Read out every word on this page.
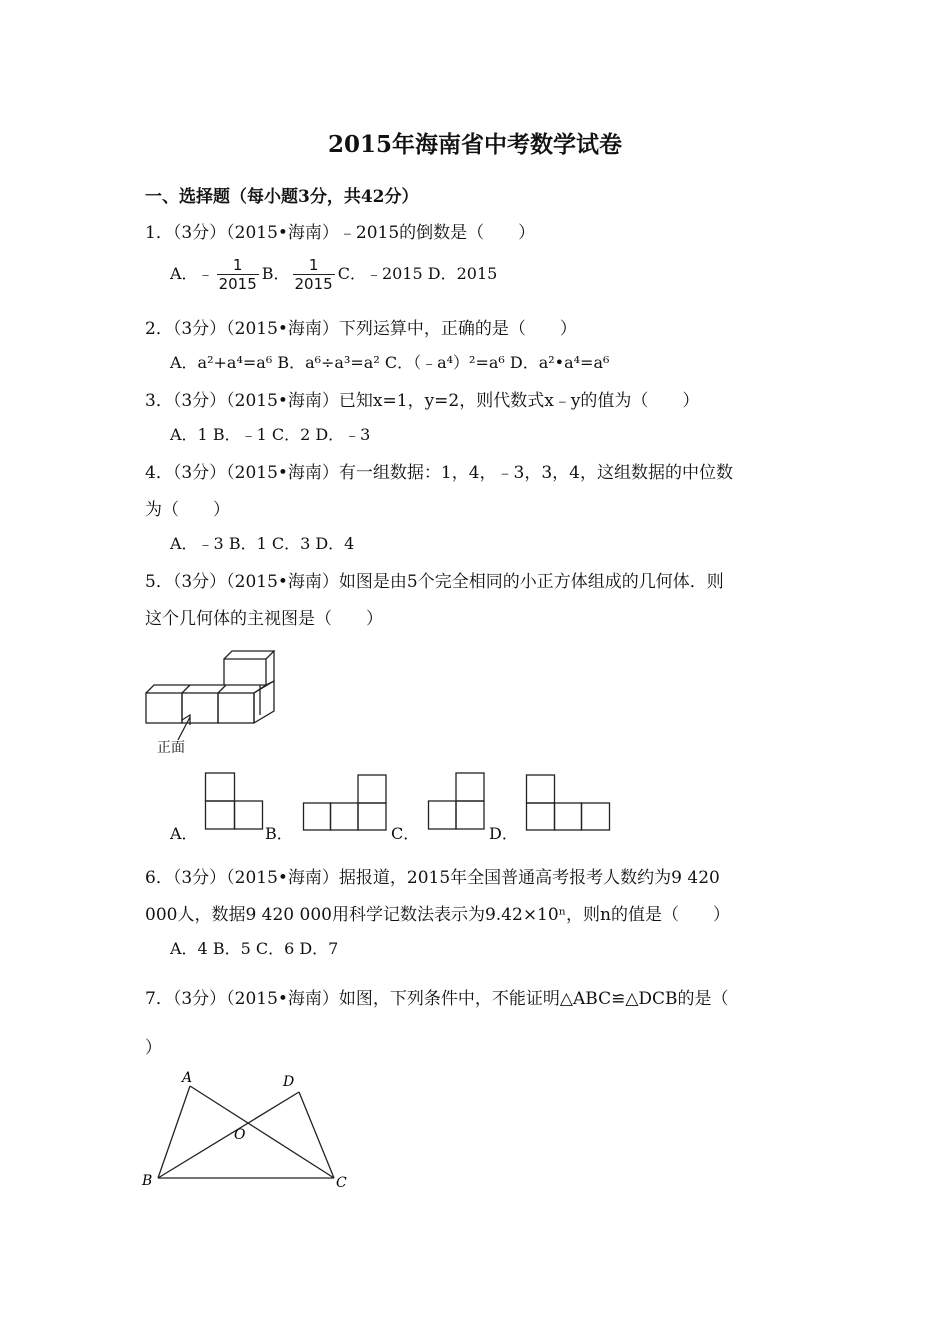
2015年海南省中考数学试卷
一、选择题（每小题3分，共42分）
1．（3分）（2015•海南）﹣2015的倒数是（　　）
A．﹣ $\frac{1}{2015}$ B． $\frac{1}{2015}$ C．﹣2015 D．2015
2．（3分）（2015•海南）下列运算中，正确的是（　　）
A．a²+a⁴=a⁶ B．a⁶÷a³=a² C．（﹣a⁴）²=a⁶ D．a²•a⁴=a⁶
3．（3分）（2015•海南）已知x=1，y=2，则代数式x﹣y的值为（　　）
A．1 B．﹣1 C．2 D．﹣3
4．（3分）（2015•海南）有一组数据：1，4，﹣3，3，4，这组数据的中位数
为（　　）
A．﹣3 B．1 C．3 D．4
5．（3分）（2015•海南）如图是由5个完全相同的小正方体组成的几何体．则
这个几何体的主视图是（　　）
正面
A．	B．	C．	D．
6．（3分）（2015•海南）据报道，2015年全国普通高考报考人数约为9 420
000人，数据9 420 000用科学记数法表示为9.42×10ⁿ，则n的值是（　　）
A．4 B．5 C．6 D．7
7．（3分）（2015•海南）如图，下列条件中，不能证明△ABC≌△DCB的是（
）
A	D
O
B	C
